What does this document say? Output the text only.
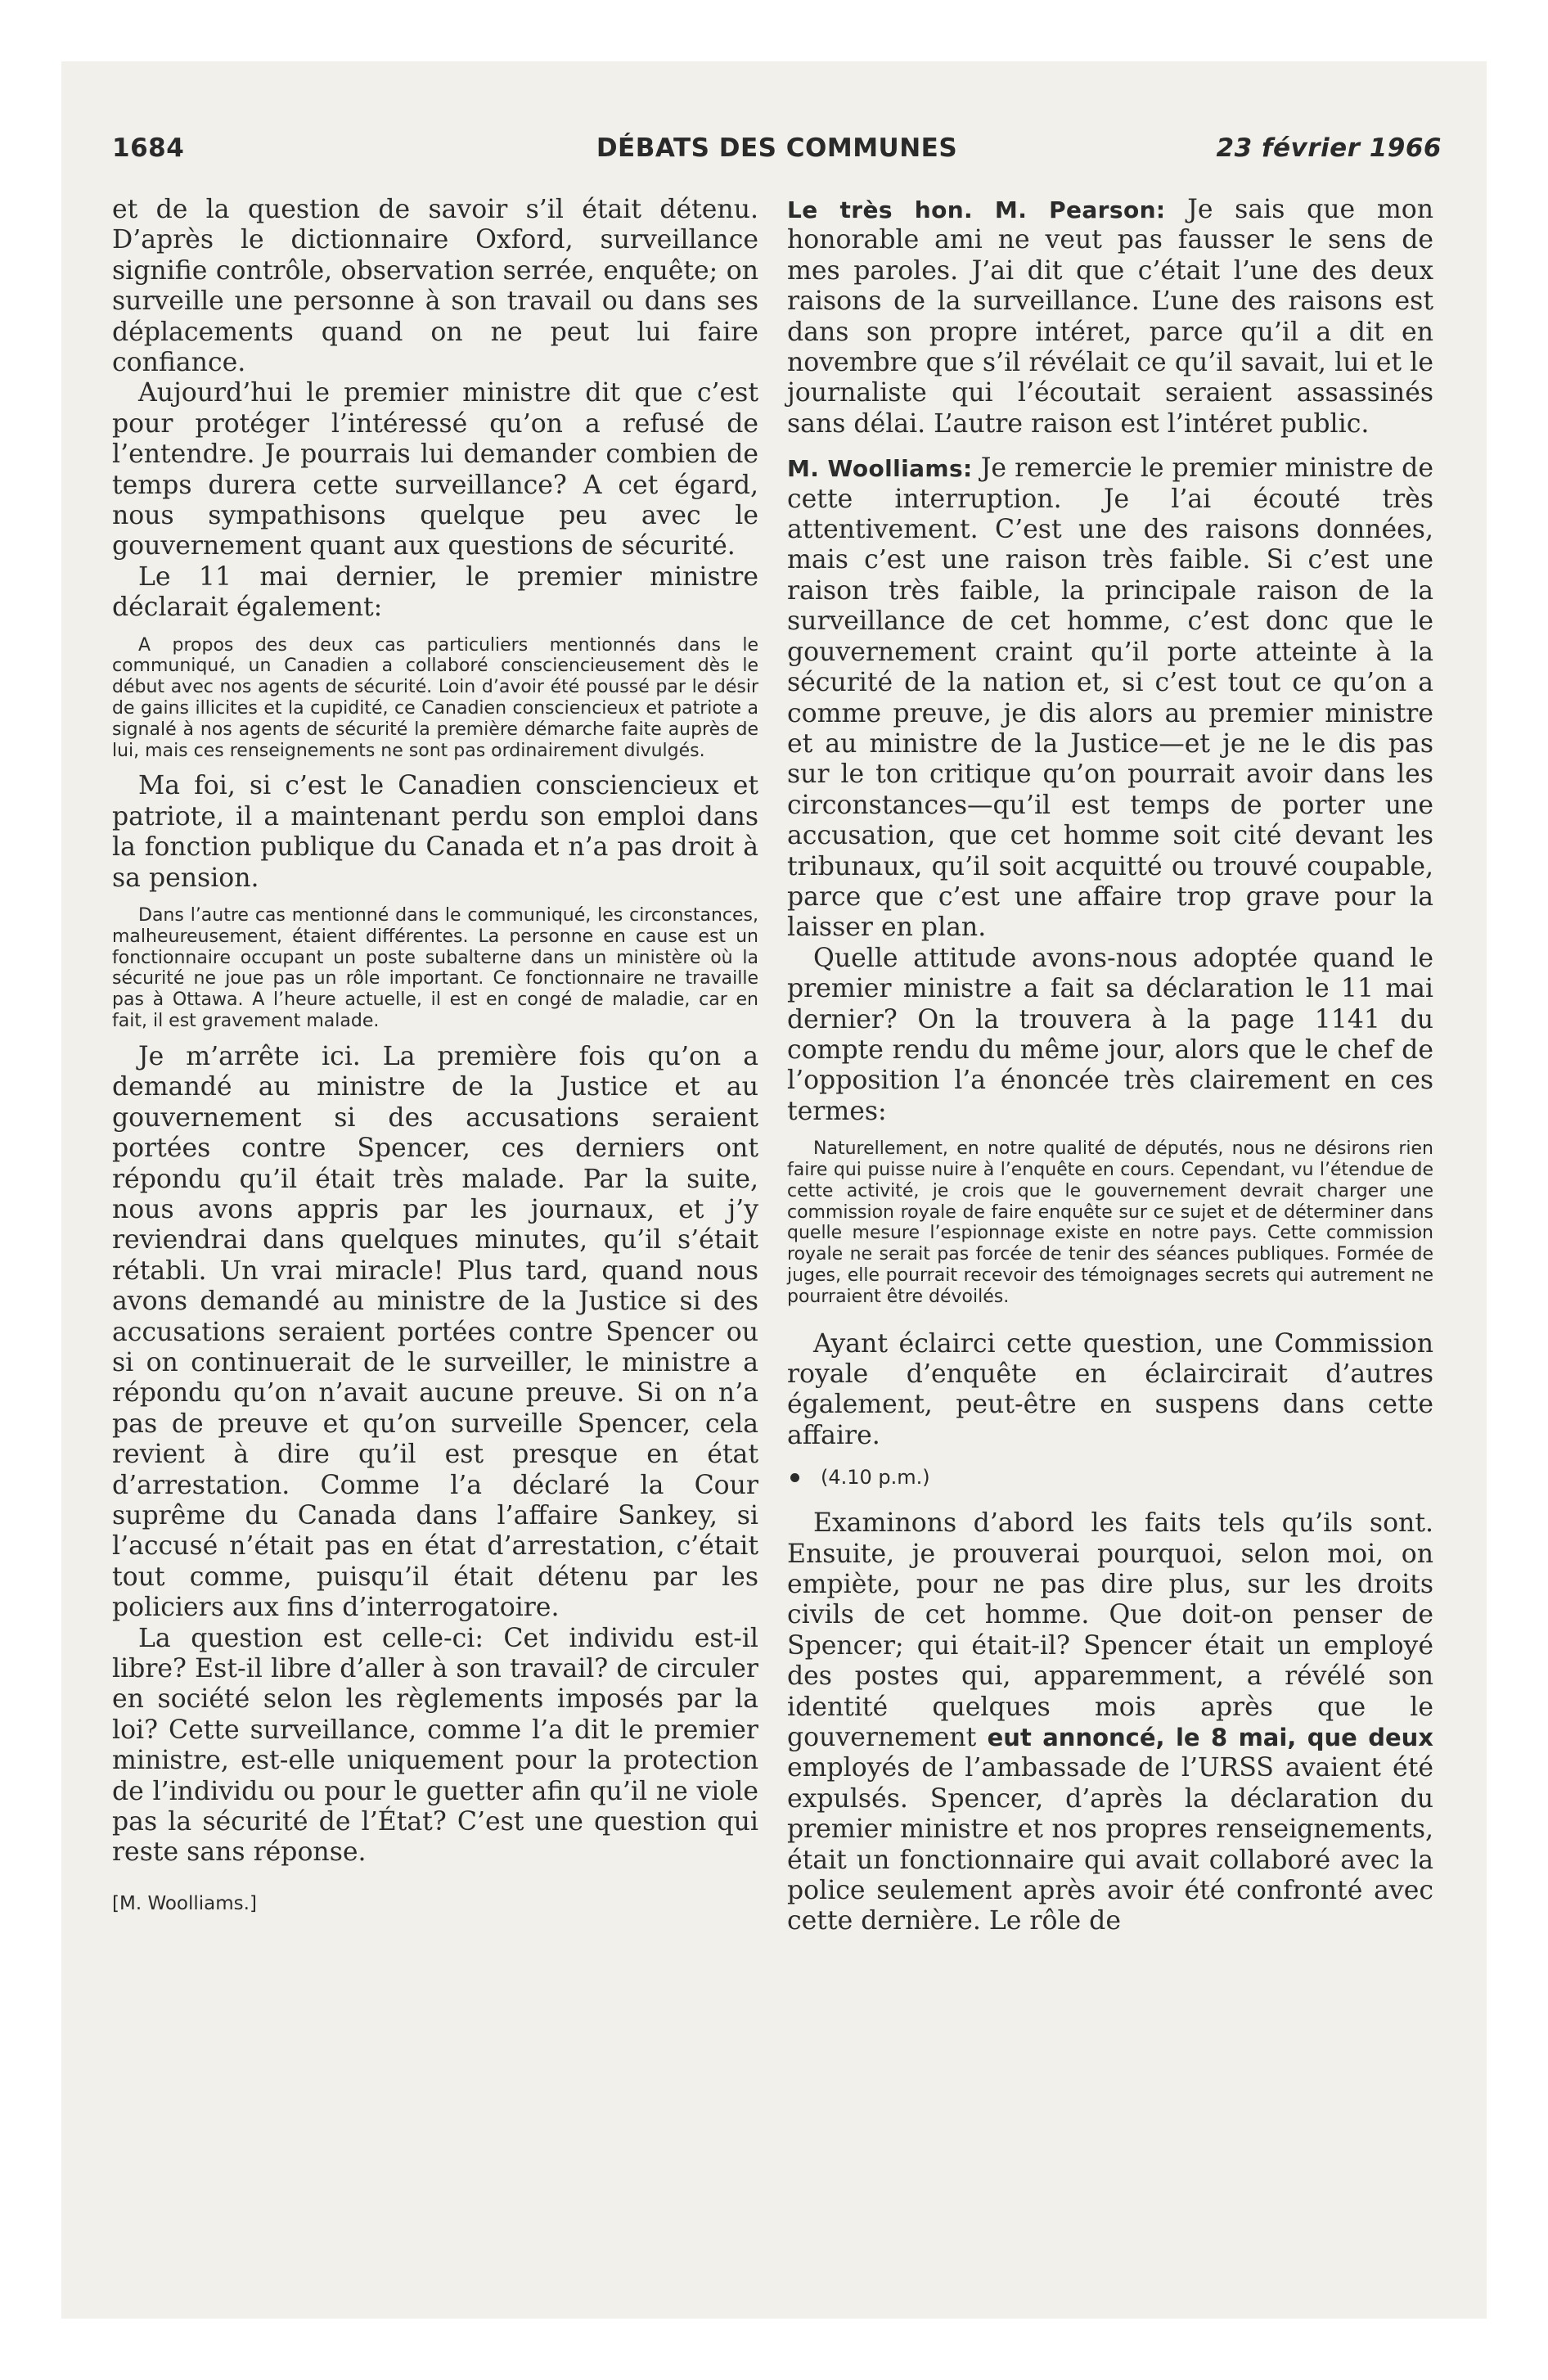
1684	DÉBATS DES COMMUNES	23 février 1966

et de la question de savoir s’il était détenu. D’après le dictionnaire Oxford, surveillance signifie contrôle, observation serrée, enquête; on surveille une personne à son travail ou dans ses déplacements quand on ne peut lui faire confiance.

Aujourd’hui le premier ministre dit que c’est pour protéger l’intéressé qu’on a refusé de l’entendre. Je pourrais lui demander combien de temps durera cette surveillance? A cet égard, nous sympathisons quelque peu avec le gouvernement quant aux questions de sécurité.

Le 11 mai dernier, le premier ministre déclarait également:

A propos des deux cas particuliers mentionnés dans le communiqué, un Canadien a collaboré consciencieusement dès le début avec nos agents de sécurité. Loin d’avoir été poussé par le désir de gains illicites et la cupidité, ce Canadien consciencieux et patriote a signalé à nos agents de sécurité la première démarche faite auprès de lui, mais ces renseignements ne sont pas ordinairement divulgés.

Ma foi, si c’est le Canadien consciencieux et patriote, il a maintenant perdu son emploi dans la fonction publique du Canada et n’a pas droit à sa pension.

Dans l’autre cas mentionné dans le communiqué, les circonstances, malheureusement, étaient différentes. La personne en cause est un fonctionnaire occupant un poste subalterne dans un ministère où la sécurité ne joue pas un rôle important. Ce fonctionnaire ne travaille pas à Ottawa. A l’heure actuelle, il est en congé de maladie, car en fait, il est gravement malade.

Je m’arrête ici. La première fois qu’on a demandé au ministre de la Justice et au gouvernement si des accusations seraient portées contre Spencer, ces derniers ont répondu qu’il était très malade. Par la suite, nous avons appris par les journaux, et j’y reviendrai dans quelques minutes, qu’il s’était rétabli. Un vrai miracle! Plus tard, quand nous avons demandé au ministre de la Justice si des accusations seraient portées contre Spencer ou si on continuerait de le surveiller, le ministre a répondu qu’on n’avait aucune preuve. Si on n’a pas de preuve et qu’on surveille Spencer, cela revient à dire qu’il est presque en état d’arrestation. Comme l’a déclaré la Cour suprême du Canada dans l’affaire Sankey, si l’accusé n’était pas en état d’arrestation, c’était tout comme, puisqu’il était détenu par les policiers aux fins d’interrogatoire.

La question est celle-ci: Cet individu est-il libre? Est-il libre d’aller à son travail? de circuler en société selon les règlements imposés par la loi? Cette surveillance, comme l’a dit le premier ministre, est-elle uniquement pour la protection de l’individu ou pour le guetter afin qu’il ne viole pas la sécurité de l’État? C’est une question qui reste sans réponse.

[M. Woolliams.]

Le très hon. M. Pearson: Je sais que mon honorable ami ne veut pas fausser le sens de mes paroles. J’ai dit que c’était l’une des deux raisons de la surveillance. L’une des raisons est dans son propre intéret, parce qu’il a dit en novembre que s’il révélait ce qu’il savait, lui et le journaliste qui l’écoutait seraient assassinés sans délai. L’autre raison est l’intéret public.

M. Woolliams: Je remercie le premier ministre de cette interruption. Je l’ai écouté très attentivement. C’est une des raisons données, mais c’est une raison très faible. Si c’est une raison très faible, la principale raison de la surveillance de cet homme, c’est donc que le gouvernement craint qu’il porte atteinte à la sécurité de la nation et, si c’est tout ce qu’on a comme preuve, je dis alors au premier ministre et au ministre de la Justice—et je ne le dis pas sur le ton critique qu’on pourrait avoir dans les circonstances—qu’il est temps de porter une accusation, que cet homme soit cité devant les tribunaux, qu’il soit acquitté ou trouvé coupable, parce que c’est une affaire trop grave pour la laisser en plan.

Quelle attitude avons-nous adoptée quand le premier ministre a fait sa déclaration le 11 mai dernier? On la trouvera à la page 1141 du compte rendu du même jour, alors que le chef de l’opposition l’a énoncée très clairement en ces termes:

Naturellement, en notre qualité de députés, nous ne désirons rien faire qui puisse nuire à l’enquête en cours. Cependant, vu l’étendue de cette activité, je crois que le gouvernement devrait charger une commission royale de faire enquête sur ce sujet et de déterminer dans quelle mesure l’espionnage existe en notre pays. Cette commission royale ne serait pas forcée de tenir des séances publiques. Formée de juges, elle pourrait recevoir des témoignages secrets qui autrement ne pourraient être dévoilés.

Ayant éclairci cette question, une Commission royale d’enquête en éclaircirait d’autres également, peut-être en suspens dans cette affaire.

(4.10 p.m.)

Examinons d’abord les faits tels qu’ils sont. Ensuite, je prouverai pourquoi, selon moi, on empiète, pour ne pas dire plus, sur les droits civils de cet homme. Que doit-on penser de Spencer; qui était-il? Spencer était un employé des postes qui, apparemment, a révélé son identité quelques mois après que le gouvernement eut annoncé, le 8 mai, que deux employés de l’ambassade de l’URSS avaient été expulsés. Spencer, d’après la déclaration du premier ministre et nos propres renseignements, était un fonctionnaire qui avait collaboré avec la police seulement après avoir été confronté avec cette dernière. Le rôle de
